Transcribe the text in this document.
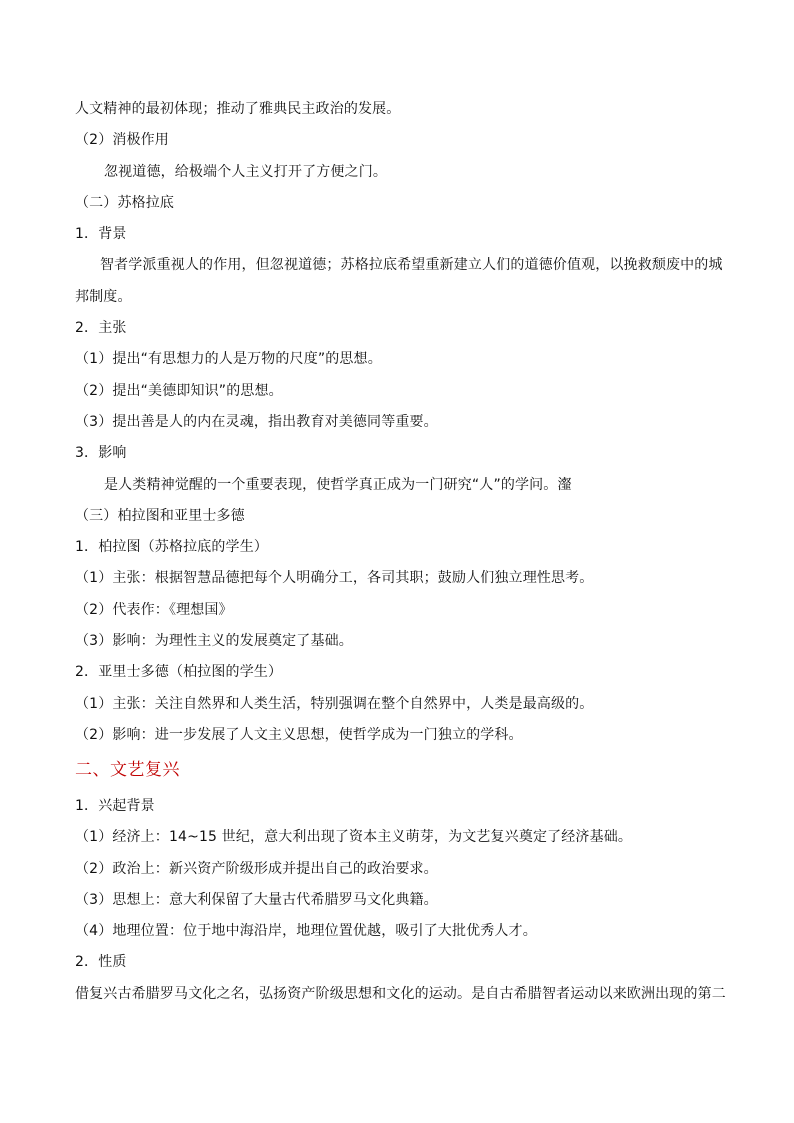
人文精神的最初体现；推动了雅典民主政治的发展。
（2）消极作用
忽视道德，给极端个人主义打开了方便之门。
（二）苏格拉底
1．背景
智者学派重视人的作用，但忽视道德；苏格拉底希望重新建立人们的道德价值观，以挽救颓废中的城
邦制度。
2．主张
（1）提出“有思想力的人是万物的尺度”的思想。
（2）提出“美德即知识”的思想。
（3）提出善是人的内在灵魂，指出教育对美德同等重要。
3．影响
是人类精神觉醒的一个重要表现，使哲学真正成为一门研究“人”的学问。瀣
（三）柏拉图和亚里士多德
1．柏拉图（苏格拉底的学生）
（1）主张：根据智慧品德把每个人明确分工，各司其职；鼓励人们独立理性思考。
（2）代表作：《理想国》
（3）影响：为理性主义的发展奠定了基础。
2．亚里士多德（柏拉图的学生）
（1）主张：关注自然界和人类生活，特别强调在整个自然界中，人类是最高级的。
（2）影响：进一步发展了人文主义思想，使哲学成为一门独立的学科。
二、文艺复兴
1．兴起背景
（1）经济上：14~15 世纪，意大利出现了资本主义萌芽，为文艺复兴奠定了经济基础。
（2）政治上：新兴资产阶级形成并提出自己的政治要求。
（3）思想上：意大利保留了大量古代希腊罗马文化典籍。
（4）地理位置：位于地中海沿岸，地理位置优越，吸引了大批优秀人才。
2．性质
借复兴古希腊罗马文化之名，弘扬资产阶级思想和文化的运动。是自古希腊智者运动以来欧洲出现的第二
